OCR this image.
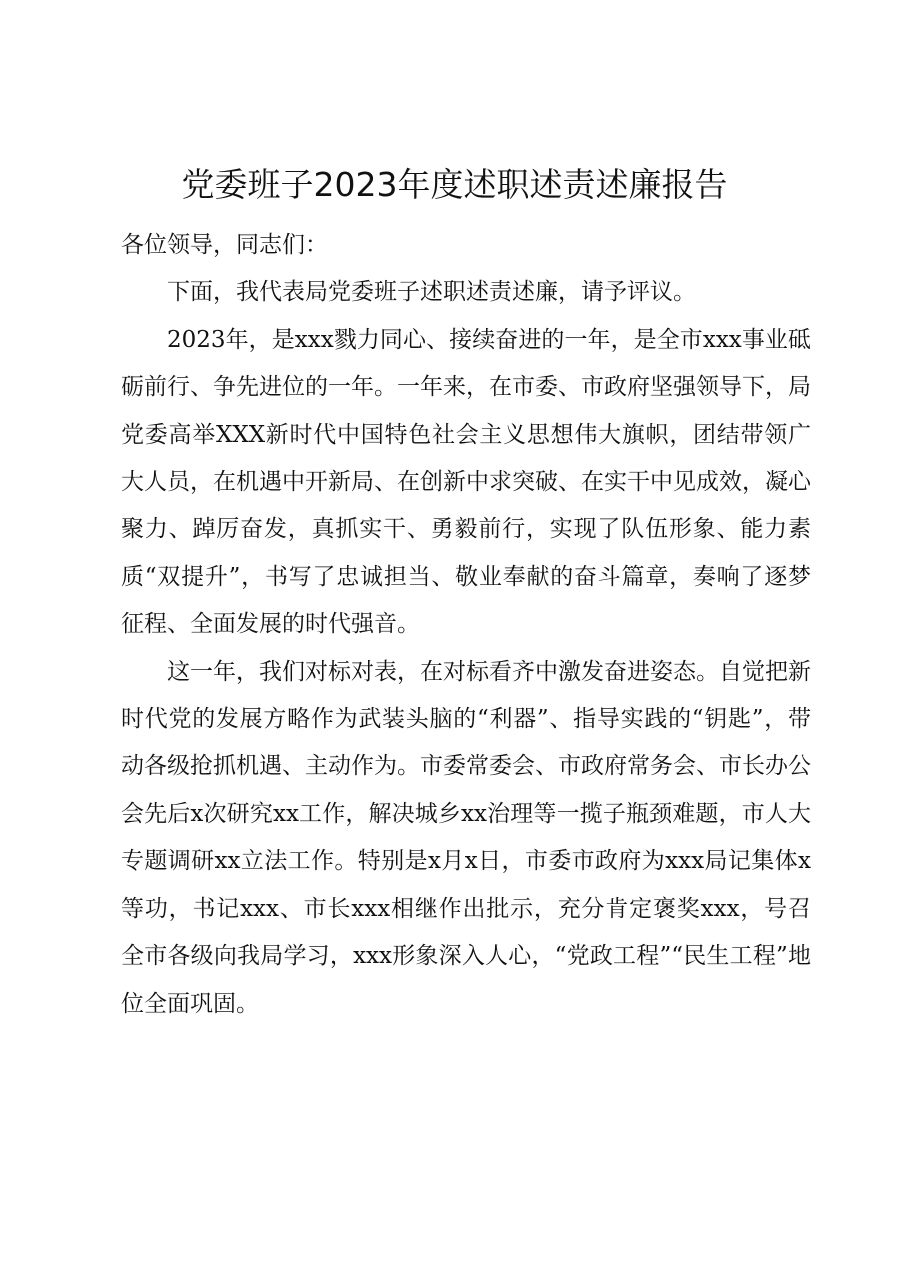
党委班子2023年度述职述责述廉报告

各位领导，同志们：

下面，我代表局党委班子述职述责述廉，请予评议。

2023年，是xxx戮力同心、接续奋进的一年，是全市xxx事业砥砺前行、争先进位的一年。一年来，在市委、市政府坚强领导下，局党委高举XXX新时代中国特色社会主义思想伟大旗帜，团结带领广大人员，在机遇中开新局、在创新中求突破、在实干中见成效，凝心聚力、踔厉奋发，真抓实干、勇毅前行，实现了队伍形象、能力素质“双提升”，书写了忠诚担当、敬业奉献的奋斗篇章，奏响了逐梦征程、全面发展的时代强音。

这一年，我们对标对表，在对标看齐中激发奋进姿态。自觉把新时代党的发展方略作为武装头脑的“利器”、指导实践的“钥匙”，带动各级抢抓机遇、主动作为。市委常委会、市政府常务会、市长办公会先后x次研究xx工作，解决城乡xx治理等一揽子瓶颈难题，市人大专题调研xx立法工作。特别是x月x日，市委市政府为xxx局记集体x等功，书记xxx、市长xxx相继作出批示，充分肯定褒奖xxx，号召全市各级向我局学习，xxx形象深入人心，“党政工程”“民生工程”地位全面巩固。
